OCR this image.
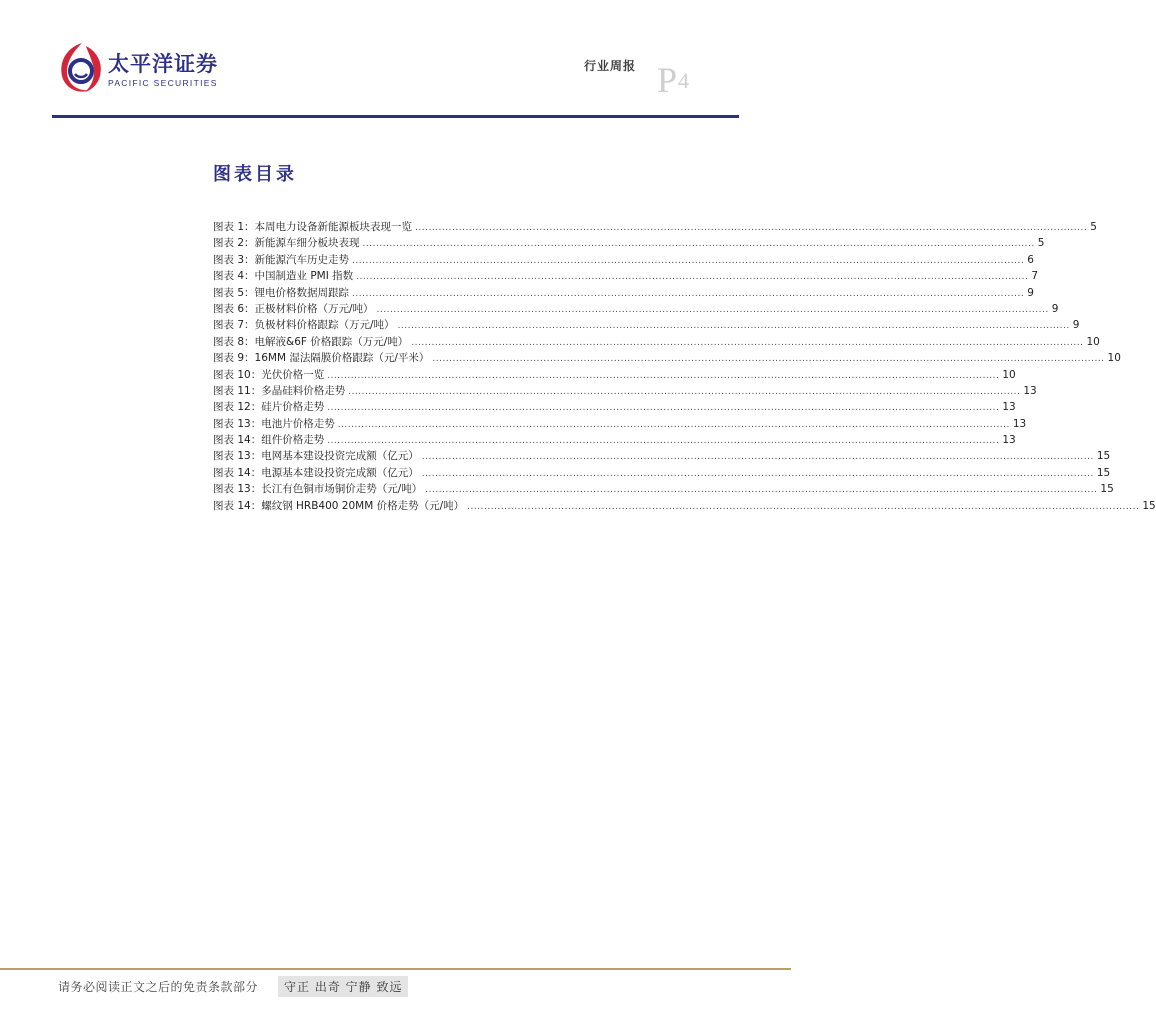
太平洋证券
PACIFIC SECURITIES
行业周报 P 4
图表目录
图表 1：本周电力设备新能源板块表现一览 ........................................................................................................................................................................................................ 5
图表 2：新能源车细分板块表现 ........................................................................................................................................................................................................ 5
图表 3：新能源汽车历史走势 ........................................................................................................................................................................................................ 6
图表 4：中国制造业 PMI 指数 ........................................................................................................................................................................................................ 7
图表 5：锂电价格数据周跟踪 ........................................................................................................................................................................................................ 9
图表 6：正极材料价格（万元/吨） ........................................................................................................................................................................................................ 9
图表 7：负极材料价格跟踪（万元/吨） ........................................................................................................................................................................................................ 9
图表 8：电解液&6F 价格跟踪（万元/吨） ........................................................................................................................................................................................................ 10
图表 9：16MM 湿法隔膜价格跟踪（元/平米） ........................................................................................................................................................................................................ 10
图表 10：光伏价格一览 ........................................................................................................................................................................................................ 10
图表 11：多晶硅料价格走势 ........................................................................................................................................................................................................ 13
图表 12：硅片价格走势 ........................................................................................................................................................................................................ 13
图表 13：电池片价格走势 ........................................................................................................................................................................................................ 13
图表 14：组件价格走势 ........................................................................................................................................................................................................ 13
图表 13：电网基本建设投资完成额（亿元） ........................................................................................................................................................................................................ 15
图表 14：电源基本建设投资完成额（亿元） ........................................................................................................................................................................................................ 15
图表 13：长江有色铜市场铜价走势（元/吨） ........................................................................................................................................................................................................ 15
图表 14：螺纹钢 HRB400 20MM 价格走势（元/吨） ........................................................................................................................................................................................................ 15
请务必阅读正文之后的免责条款部分	守正 出奇 宁静 致远
